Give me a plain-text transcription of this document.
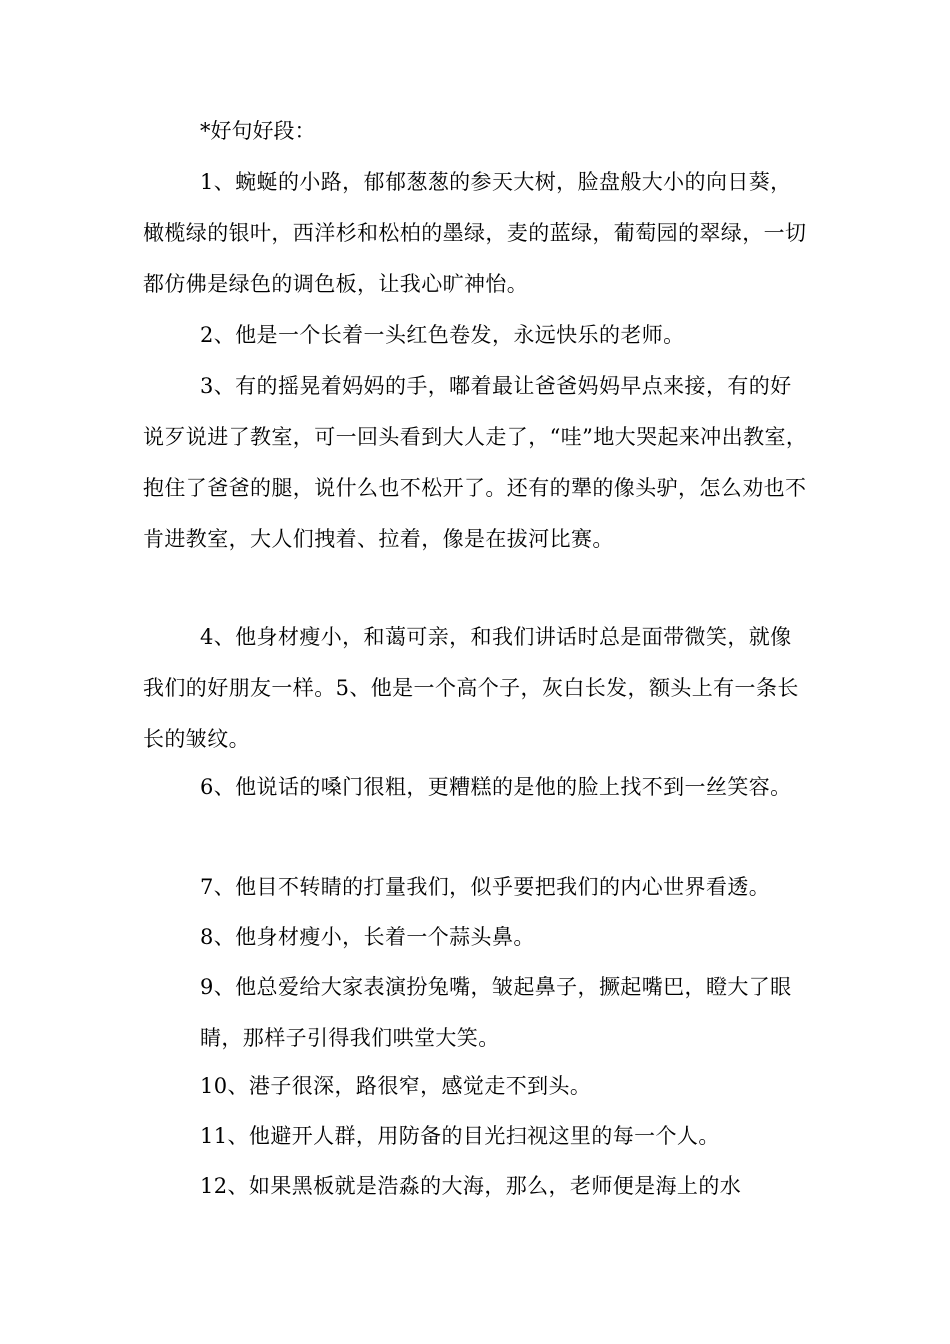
*好句好段：

1、蜿蜒的小路，郁郁葱葱的参天大树，脸盘般大小的向日葵，橄榄绿的银叶，西洋杉和松柏的墨绿，麦的蓝绿，葡萄园的翠绿，一切都仿佛是绿色的调色板，让我心旷神怡。

2、他是一个长着一头红色卷发，永远快乐的老师。

3、有的摇晃着妈妈的手，嘟着最让爸爸妈妈早点来接，有的好说歹说进了教室，可一回头看到大人走了，“哇”地大哭起来冲出教室，抱住了爸爸的腿，说什么也不松开了。还有的犟的像头驴，怎么劝也不肯进教室，大人们拽着、拉着，像是在拔河比赛。

4、他身材瘦小，和蔼可亲，和我们讲话时总是面带微笑，就像我们的好朋友一样。5、他是一个高个子，灰白长发，额头上有一条长长的皱纹。

6、他说话的嗓门很粗，更糟糕的是他的脸上找不到一丝笑容。

7、他目不转睛的打量我们，似乎要把我们的内心世界看透。

8、他身材瘦小，长着一个蒜头鼻。

9、他总爱给大家表演扮兔嘴，皱起鼻子，撅起嘴巴，瞪大了眼睛，那样子引得我们哄堂大笑。

10、港子很深，路很窄，感觉走不到头。

11、他避开人群，用防备的目光扫视这里的每一个人。

12、如果黑板就是浩淼的大海，那么，老师便是海上的水
